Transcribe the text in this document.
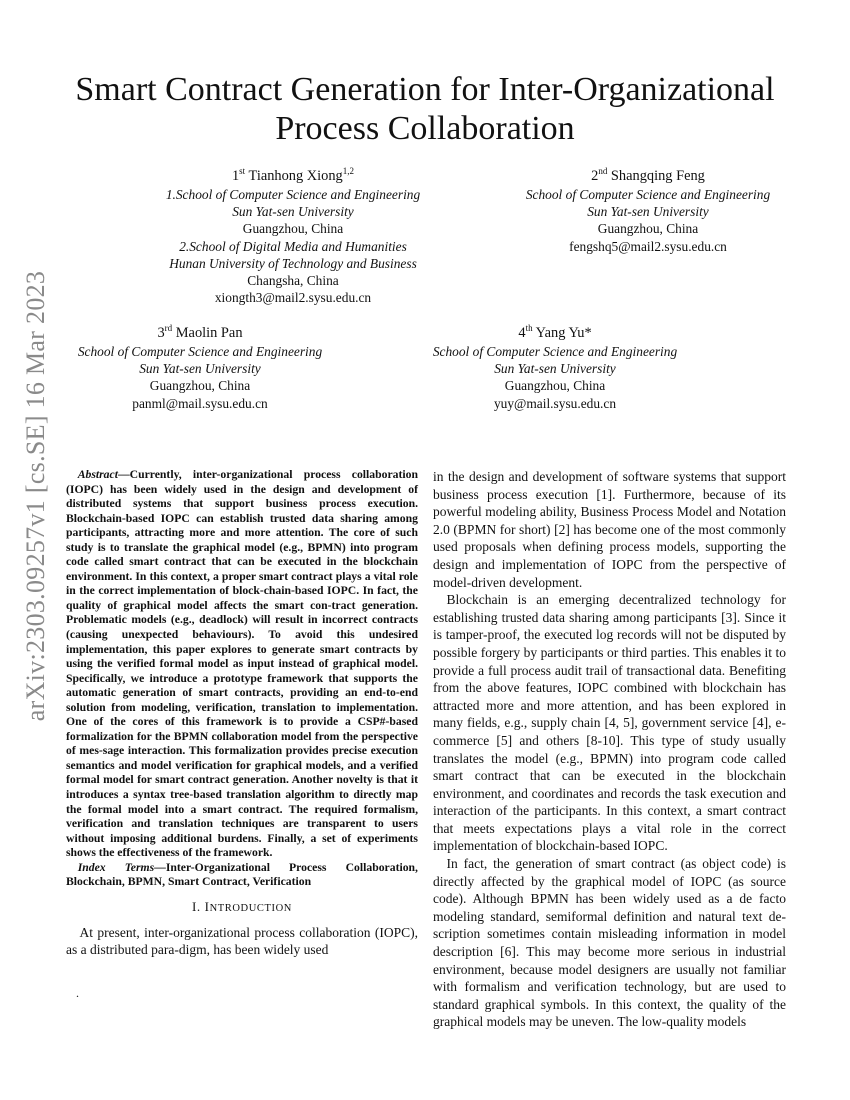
arXiv:2303.09257v1 [cs.SE] 16 Mar 2023
Smart Contract Generation for Inter-Organizational
Process Collaboration
1st Tianhong Xiong$^{1,2}$
1.School of Computer Science and Engineering
Sun Yat-sen University
Guangzhou, China
2.School of Digital Media and Humanities
Hunan University of Technology and Business
Changsha, China
xiongth3@mail2.sysu.edu.cn
2nd Shangqing Feng
School of Computer Science and Engineering
Sun Yat-sen University
Guangzhou, China
fengshq5@mail2.sysu.edu.cn
3rd Maolin Pan
School of Computer Science and Engineering
Sun Yat-sen University
Guangzhou, China
panml@mail.sysu.edu.cn
4th Yang Yu*
School of Computer Science and Engineering
Sun Yat-sen University
Guangzhou, China
yuy@mail.sysu.edu.cn

Abstract—Currently, inter-organizational process collaboration (IOPC) has been widely used in the design and development of distributed systems that support business process execution. Blockchain-based IOPC can establish trusted data sharing among participants, attracting more and more attention. The core of such study is to translate the graphical model (e.g., BPMN) into program code called smart contract that can be executed in the blockchain environment. In this context, a proper smart contract plays a vital role in the correct implementation of block-chain-based IOPC. In fact, the quality of graphical model affects the smart con-tract generation. Problematic models (e.g., deadlock) will result in incorrect contracts (causing unexpected behaviours). To avoid this undesired implementation, this paper explores to generate smart contracts by using the verified formal model as input instead of graphical model. Specifically, we introduce a prototype framework that supports the automatic generation of smart contracts, providing an end-to-end solution from modeling, verification, translation to implementation. One of the cores of this framework is to provide a CSP#-based formalization for the BPMN collaboration model from the perspective of mes-sage interaction. This formalization provides precise execution semantics and model verification for graphical models, and a verified formal model for smart contract generation. Another novelty is that it introduces a syntax tree-based translation algorithm to directly map the formal model into a smart contract. The required formalism, verification and translation techniques are transparent to users without imposing additional burdens. Finally, a set of experiments shows the effectiveness of the framework.

Index Terms—Inter-Organizational Process Collaboration, Blockchain, BPMN, Smart Contract, Verification

I. INTRODUCTION

At present, inter-organizational process collaboration (IOPC), as a distributed para-digm, has been widely used

.

in the design and development of software systems that support business process execution [1]. Furthermore, because of its powerful modeling ability, Business Process Model and Notation 2.0 (BPMN for short) [2] has become one of the most commonly used proposals when defining process models, supporting the design and implementation of IOPC from the perspective of model-driven development.

Blockchain is an emerging decentralized technology for establishing trusted data sharing among participants [3]. Since it is tamper-proof, the executed log records will not be disputed by possible forgery by participants or third parties. This enables it to provide a full process audit trail of transactional data. Benefiting from the above features, IOPC combined with blockchain has attracted more and more attention, and has been explored in many fields, e.g., supply chain [4, 5], government service [4], e-commerce [5] and others [8-10]. This type of study usually translates the model (e.g., BPMN) into program code called smart contract that can be executed in the blockchain environment, and coordinates and records the task execution and interaction of the participants. In this context, a smart contract that meets expectations plays a vital role in the correct implementation of blockchain-based IOPC.

In fact, the generation of smart contract (as object code) is directly affected by the graphical model of IOPC (as source code). Although BPMN has been widely used as a de facto modeling standard, semiformal definition and natural text de-scription sometimes contain misleading information in model description [6]. This may become more serious in industrial environment, because model designers are usually not familiar with formalism and verification technology, but are used to standard graphical symbols. In this context, the quality of the graphical models may be uneven. The low-quality models
